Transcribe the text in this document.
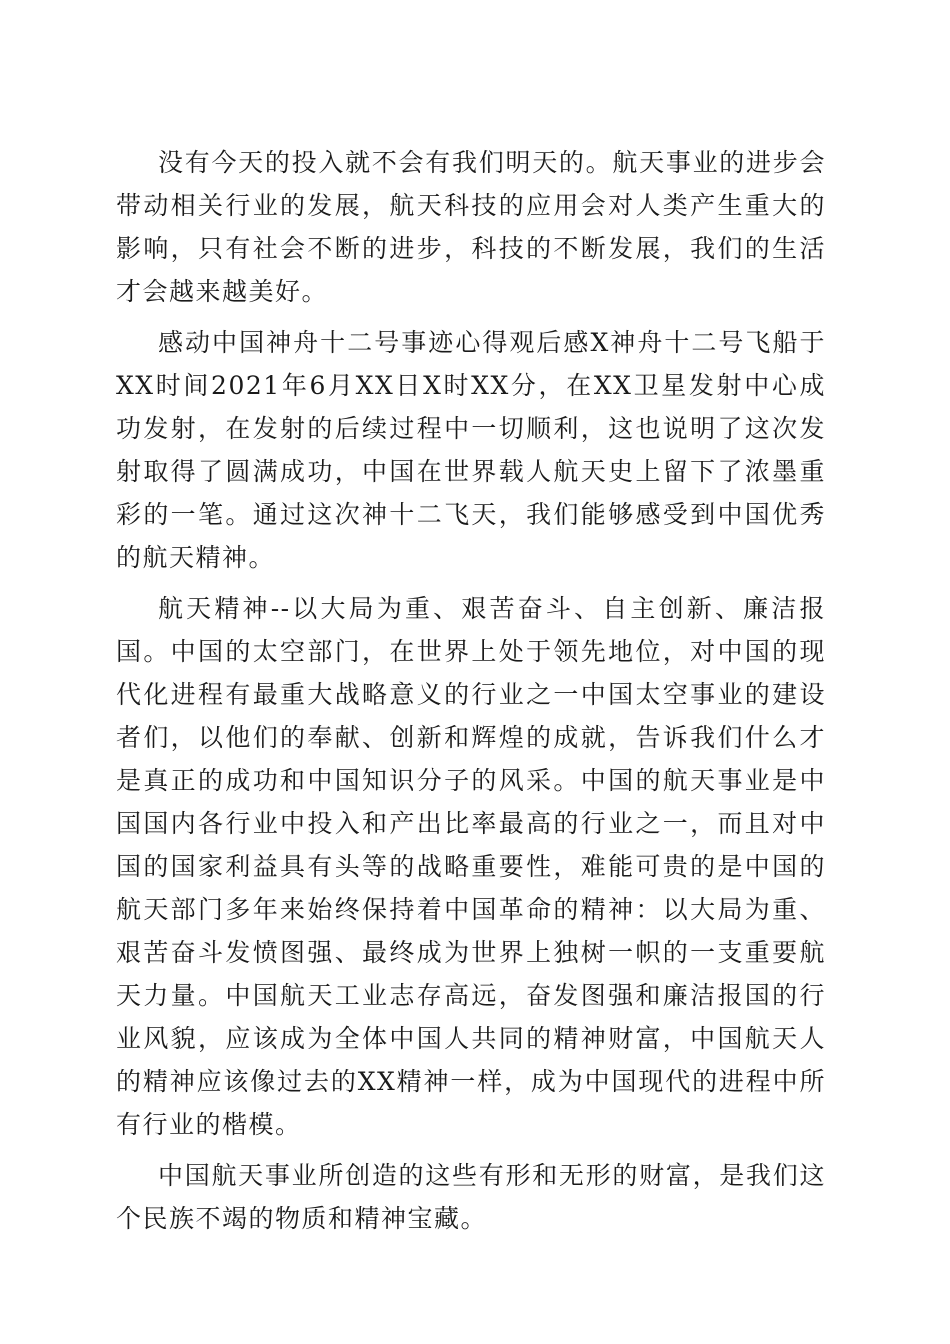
没有今天的投入就不会有我们明天的。航天事业的进步会带动相关行业的发展，航天科技的应用会对人类产生重大的影响，只有社会不断的进步，科技的不断发展，我们的生活才会越来越美好。

感动中国神舟十二号事迹心得观后感X神舟十二号飞船于XX时间2021年6月XX日X时XX分，在XX卫星发射中心成功发射，在发射的后续过程中一切顺利，这也说明了这次发射取得了圆满成功，中国在世界载人航天史上留下了浓墨重彩的一笔。通过这次神十二飞天，我们能够感受到中国优秀的航天精神。

航天精神--以大局为重、艰苦奋斗、自主创新、廉洁报国。中国的太空部门，在世界上处于领先地位，对中国的现代化进程有最重大战略意义的行业之一中国太空事业的建设者们，以他们的奉献、创新和辉煌的成就，告诉我们什么才是真正的成功和中国知识分子的风采。中国的航天事业是中国国内各行业中投入和产出比率最高的行业之一，而且对中国的国家利益具有头等的战略重要性，难能可贵的是中国的航天部门多年来始终保持着中国革命的精神：以大局为重、艰苦奋斗发愤图强、最终成为世界上独树一帜的一支重要航天力量。中国航天工业志存高远，奋发图强和廉洁报国的行业风貌，应该成为全体中国人共同的精神财富，中国航天人的精神应该像过去的XX精神一样，成为中国现代的进程中所有行业的楷模。

中国航天事业所创造的这些有形和无形的财富，是我们这个民族不竭的物质和精神宝藏。
